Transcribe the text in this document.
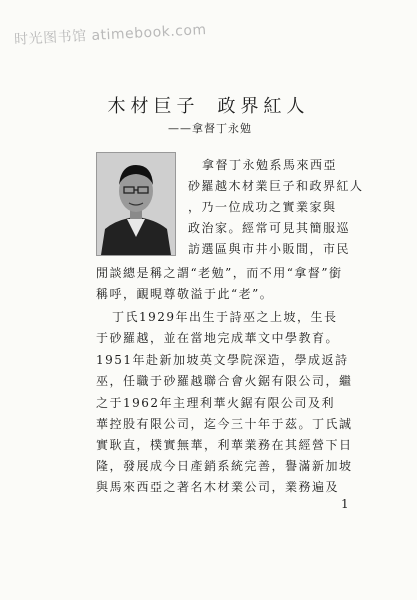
时光图书馆 atimebook.com
木材巨子 政界紅人
——拿督丁永勉
拿督丁永勉系馬來西亞
砂羅越木材業巨子和政界紅人
，乃一位成功之實業家與
政治家。經常可見其簡服巡
訪選區與市井小販間，市民
閒談總是稱之謂“老勉”，而不用“拿督”銜
稱呼，靦晛尊敬溢于此“老”。
丁氏1929年出生于詩巫之上坡，生長
于砂羅越，並在當地完成華文中學教育。
1951年赴新加坡英文學院深造，學成返詩
巫，任職于砂羅越聯合會火鋸有限公司，繼
之于1962年主理利華火鋸有限公司及利
華控股有限公司，迄今三十年于茲。丁氏誠
實耿直，樸實無華，利華業務在其經營下日
隆，發展成今日產銷系統完善，譽滿新加坡
與馬來西亞之著名木材業公司，業務遍及
1
